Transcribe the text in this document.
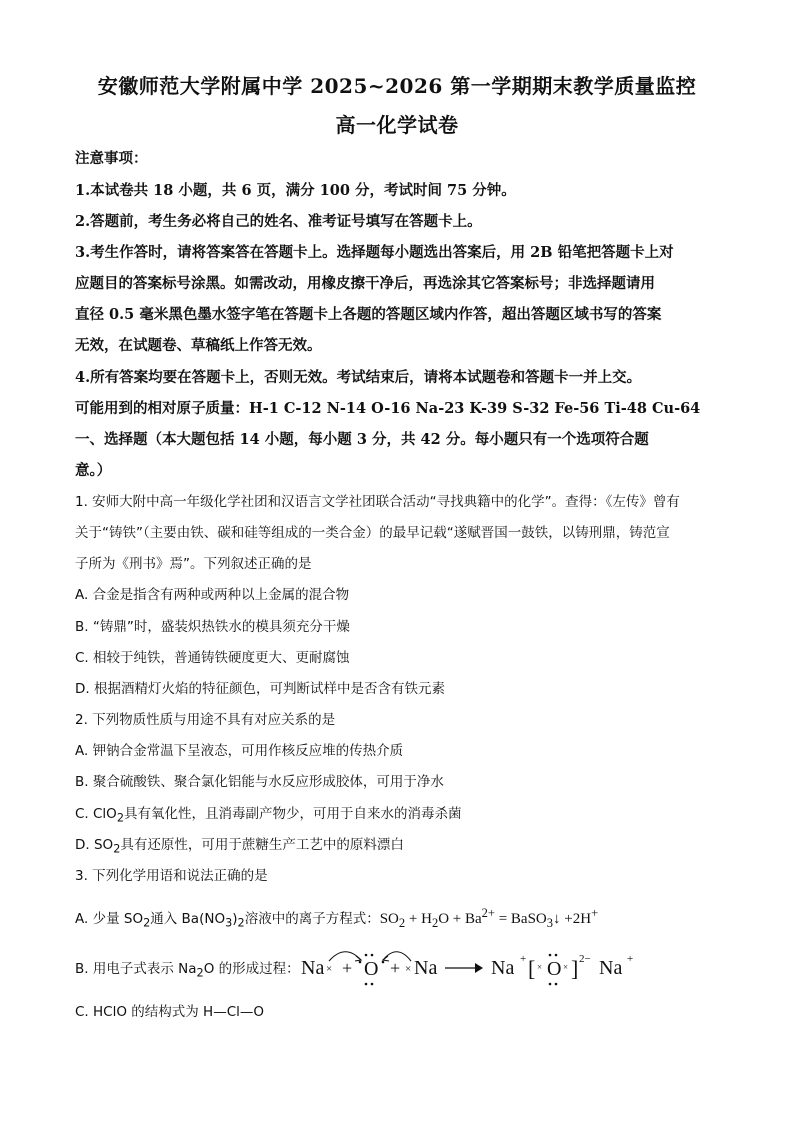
安徽师范大学附属中学 2025~2026 第一学期期末教学质量监控
高一化学试卷
注意事项：
1.本试卷共 18 小题，共 6 页，满分 100 分，考试时间 75 分钟。
2.答题前，考生务必将自己的姓名、准考证号填写在答题卡上。
3.考生作答时，请将答案答在答题卡上。选择题每小题选出答案后，用 2B 铅笔把答题卡上对
应题目的答案标号涂黑。如需改动，用橡皮擦干净后，再选涂其它答案标号；非选择题请用
直径 0.5 毫米黑色墨水签字笔在答题卡上各题的答题区域内作答，超出答题区域书写的答案
无效，在试题卷、草稿纸上作答无效。
4.所有答案均要在答题卡上，否则无效。考试结束后，请将本试题卷和答题卡一并上交。
可能用到的相对原子质量：H-1 C-12 N-14 O-16 Na-23 K-39 S-32 Fe-56 Ti-48 Cu-64
一、选择题（本大题包括 14 小题，每小题 3 分，共 42 分。每小题只有一个选项符合题
意。）
1. 安师大附中高一年级化学社团和汉语言文学社团联合活动“寻找典籍中的化学”。查得：《左传》曾有
关于“铸铁”（主要由铁、碳和硅等组成的一类合金）的最早记载“遂赋晋国一鼓铁，以铸刑鼎，铸范宣
子所为《刑书》焉”。下列叙述正确的是
A. 合金是指含有两种或两种以上金属的混合物
B. “铸鼎”时，盛装炽热铁水的模具须充分干燥
C. 相较于纯铁，普通铸铁硬度更大、更耐腐蚀
D. 根据酒精灯火焰的特征颜色，可判断试样中是否含有铁元素
2. 下列物质性质与用途不具有对应关系的是
A. 钾钠合金常温下呈液态，可用作核反应堆的传热介质
B. 聚合硫酸铁、聚合氯化铝能与水反应形成胶体，可用于净水
C. ClO$_2$具有氧化性，且消毒副产物少，可用于自来水的消毒杀菌
D. $SO_2$具有还原性，可用于蔗糖生产工艺中的原料漂白
3. 下列化学用语和说法正确的是
A. 少量 $SO_2$通入 $Ba(NO_3)_2$溶液中的离子方程式：$SO_2 + H_2O + Ba^{2+}$ = BaSO$_3$↓ +2H+
B. 用电子式表示 $Na_2O$ 的形成过程： Na × + O + × Na	Na + [ × O × ] 2− Na +
C. HClO 的结构式为 H—Cl—O
